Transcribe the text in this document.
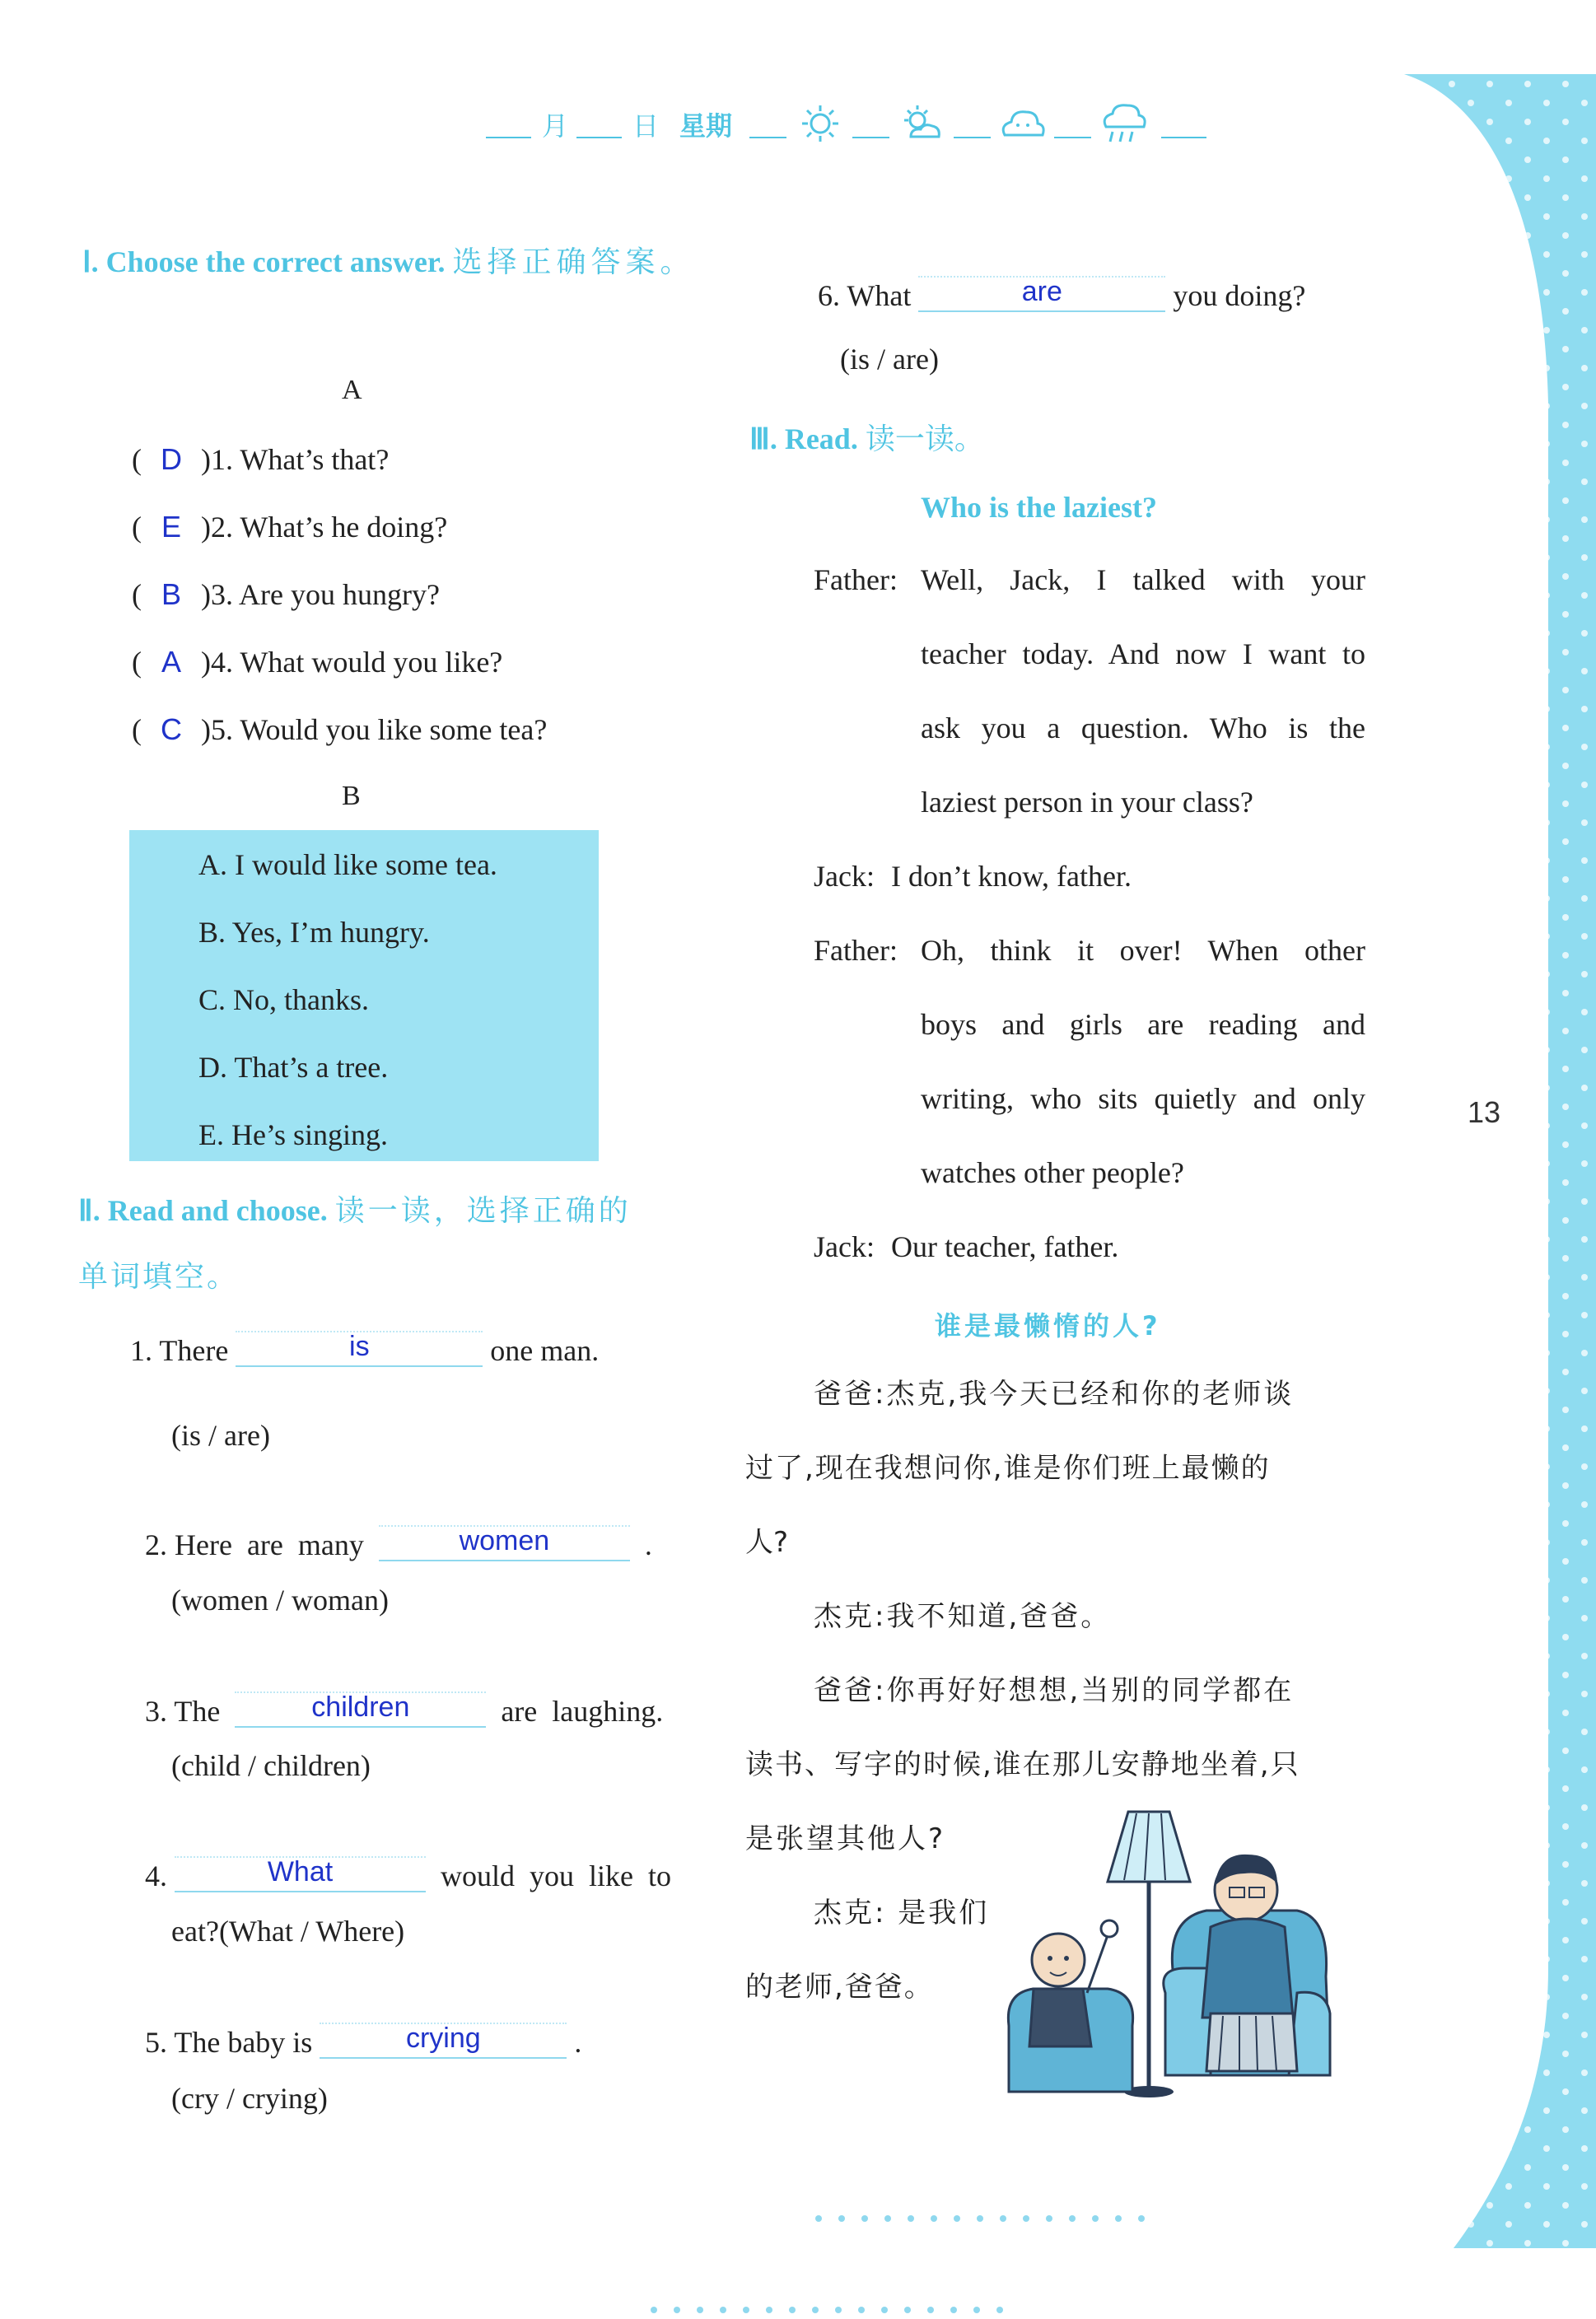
13
月 日 星期
Ⅰ. Choose the correct answer. 选择正确答案。
A
( D )1. What’s that?
( E )2. What’s he doing?
( B )3. Are you hungry?
( A )4. What would you like?
( C )5. Would you like some tea?
B
A. I would like some tea.
B. Yes, I’m hungry.
C. No, thanks.
D. That’s a tree.
E. He’s singing.
Ⅱ. Read and choose. 读一读，选择正确的
单词填空。
1. There	is	one man.
(is / are)

2. Here  are  many	women	.

(women / woman)

3. The	children	are  laughing.

(child / children)

4.	What	would  you  like  to

eat?(What / Where)

5. The baby is	crying	.

(cry / crying)

6. What	are	you doing?

(is / are)
Ⅲ. Read. 读一读。
Who is the laziest?
Father: Well, Jack, I talked with your
teacher today. And now I want to
ask you a question. Who is the
laziest person in your class?
Jack: I don’t know, father.
Father: Oh, think it over! When other
boys and girls are reading and
writing, who sits quietly and only
watches other people?
Jack: Our teacher, father.
谁是最懒惰的人?
爸爸:杰克,我今天已经和你的老师谈
过了,现在我想问你,谁是你们班上最懒的
人?
杰克:我不知道,爸爸。
爸爸:你再好好想想,当别的同学都在
读书、写字的时候,谁在那儿安静地坐着,只
是张望其他人?
杰克: 是我们
的老师,爸爸。
